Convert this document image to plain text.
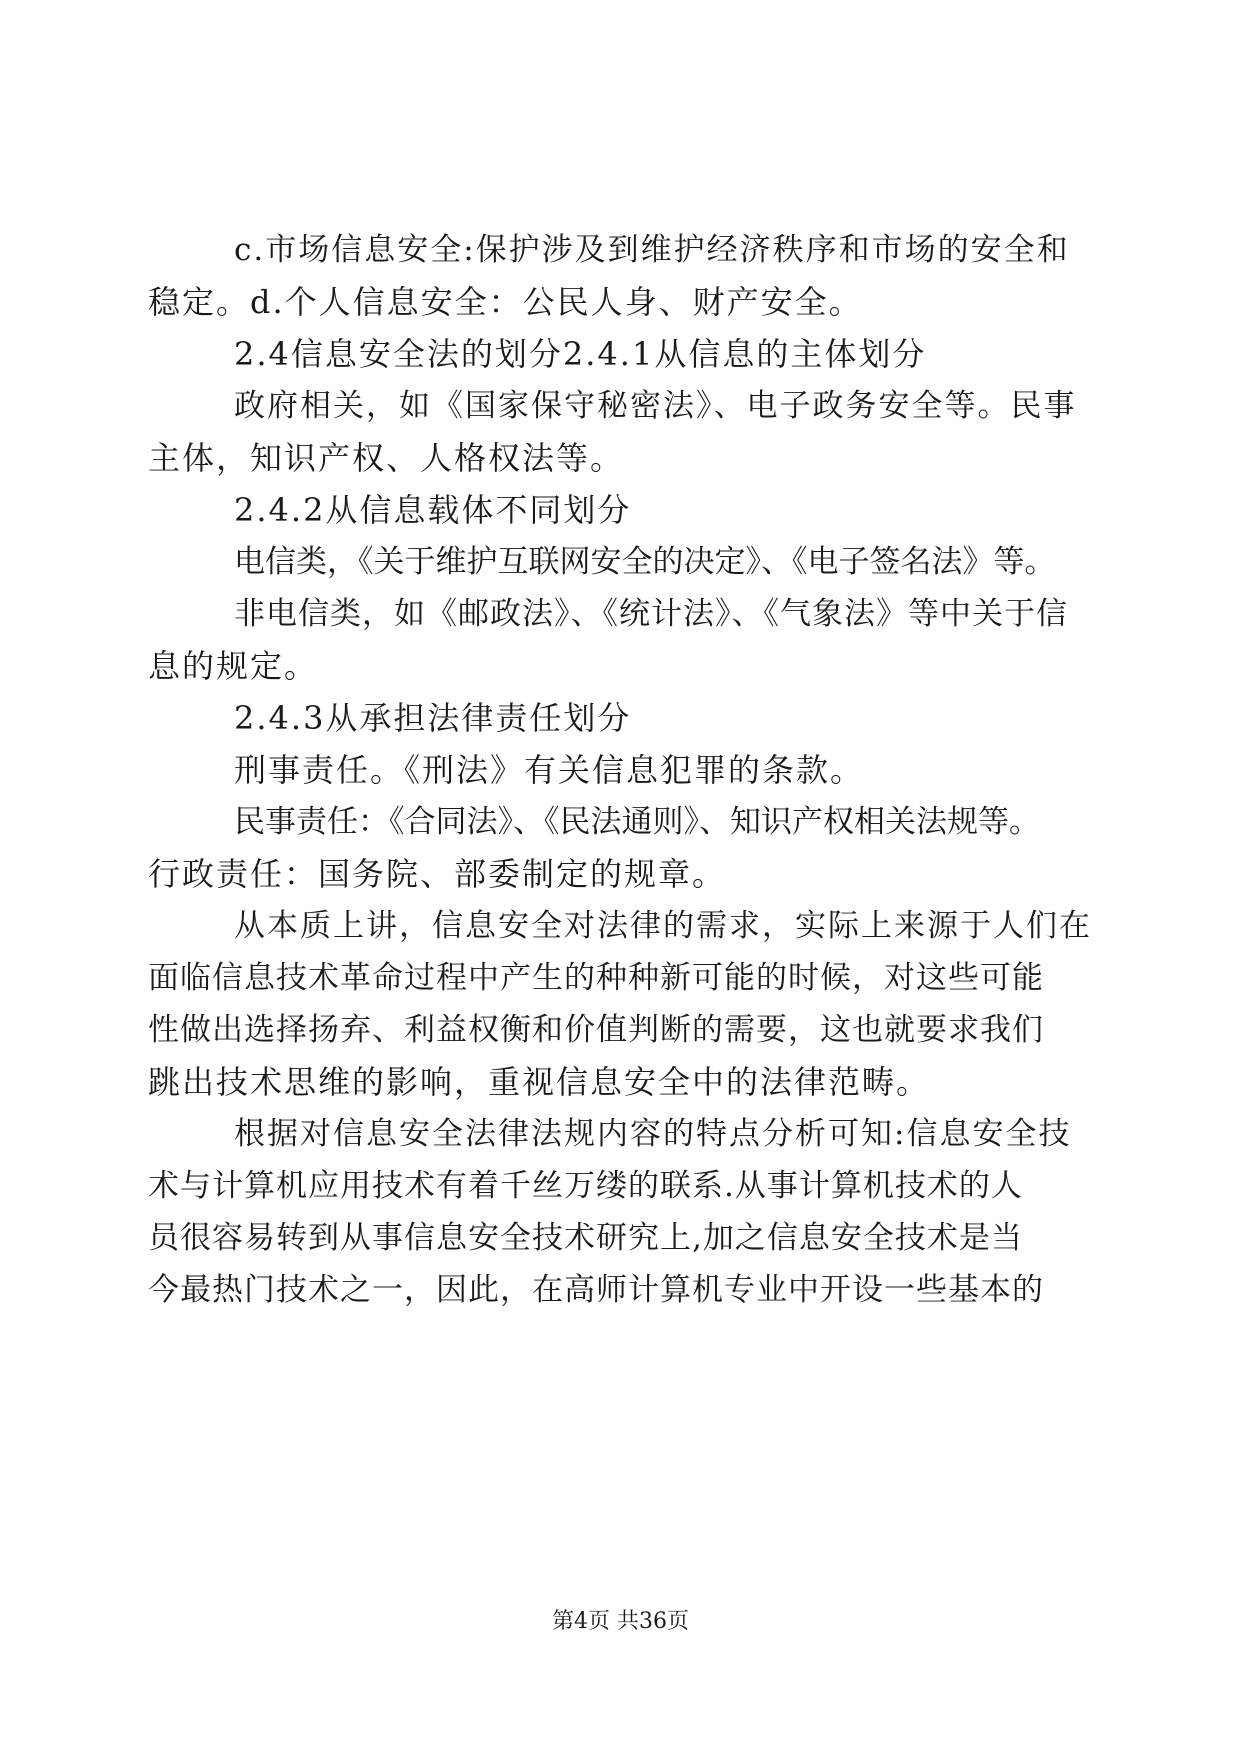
c.市场信息安全:保护涉及到维护经济秩序和市场的安全和
稳定。d.个人信息安全：公民人身、财产安全。
2.4信息安全法的划分2.4.1从信息的主体划分
政府相关，如《国家保守秘密法》、电子政务安全等。民事
主体，知识产权、人格权法等。
2.4.2从信息载体不同划分
电信类，《关于维护互联网安全的决定》、《电子签名法》等。
非电信类，如《邮政法》、《统计法》、《气象法》等中关于信
息的规定。
2.4.3从承担法律责任划分
刑事责任。《刑法》有关信息犯罪的条款。
民事责任：《合同法》、《民法通则》、知识产权相关法规等。
行政责任：国务院、部委制定的规章。
从本质上讲，信息安全对法律的需求，实际上来源于人们在
面临信息技术革命过程中产生的种种新可能的时候，对这些可能
性做出选择扬弃、利益权衡和价值判断的需要，这也就要求我们
跳出技术思维的影响，重视信息安全中的法律范畴。
根据对信息安全法律法规内容的特点分析可知:信息安全技
术与计算机应用技术有着千丝万缕的联系.从事计算机技术的人
员很容易转到从事信息安全技术研究上,加之信息安全技术是当
今最热门技术之一，因此，在高师计算机专业中开设一些基本的
第4页 共36页
